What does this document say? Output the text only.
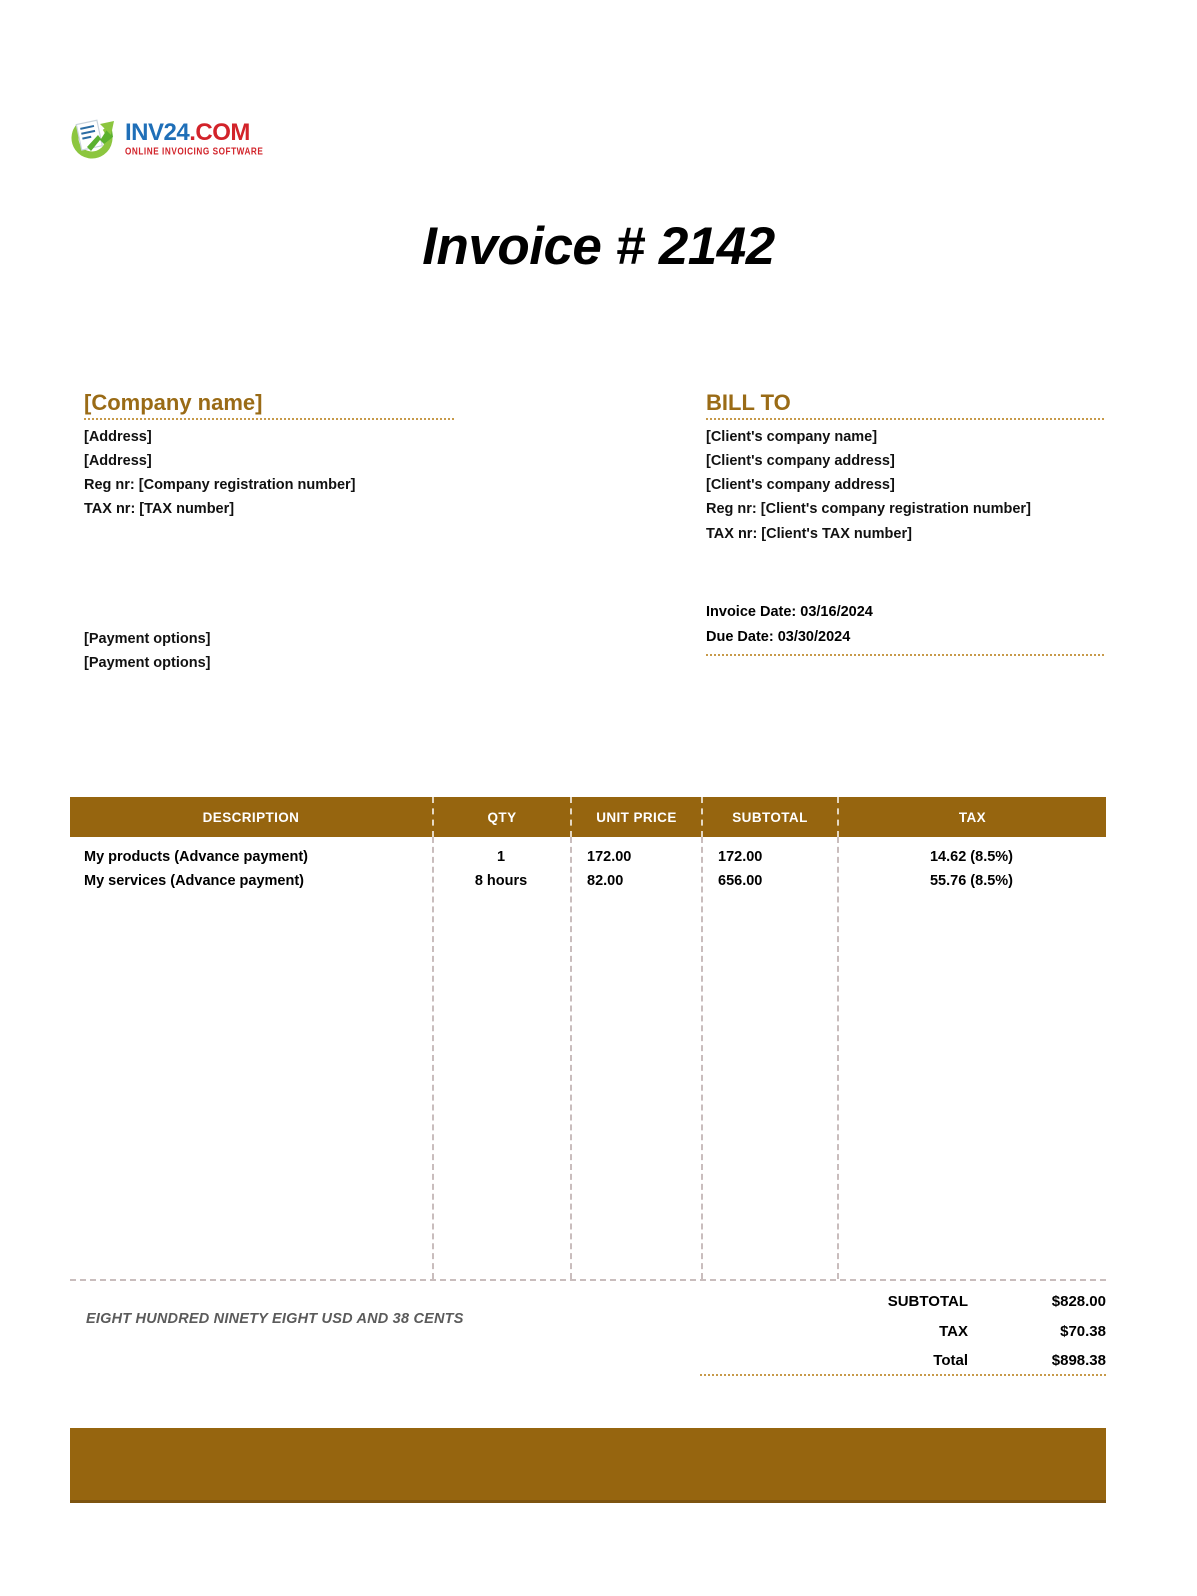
INV24.COM
ONLINE INVOICING SOFTWARE
Invoice # 2142
[Company name]
[Address]
[Address]
Reg nr: [Company registration number]
TAX nr: [TAX number]
[Payment options]
[Payment options]
BILL TO
[Client's company name]
[Client's company address]
[Client's company address]
Reg nr: [Client's company registration number]
TAX nr: [Client's TAX number]
Invoice Date: 03/16/2024
Due Date: 03/30/2024
DESCRIPTION	QTY	UNIT PRICE	SUBTOTAL	TAX
My products (Advance payment)	1	172.00	172.00	14.62 (8.5%)
My services (Advance payment)	8 hours	82.00	656.00	55.76 (8.5%)
EIGHT HUNDRED NINETY EIGHT USD AND 38 CENTS
SUBTOTAL	$828.00
TAX	$70.38
Total	$898.38
